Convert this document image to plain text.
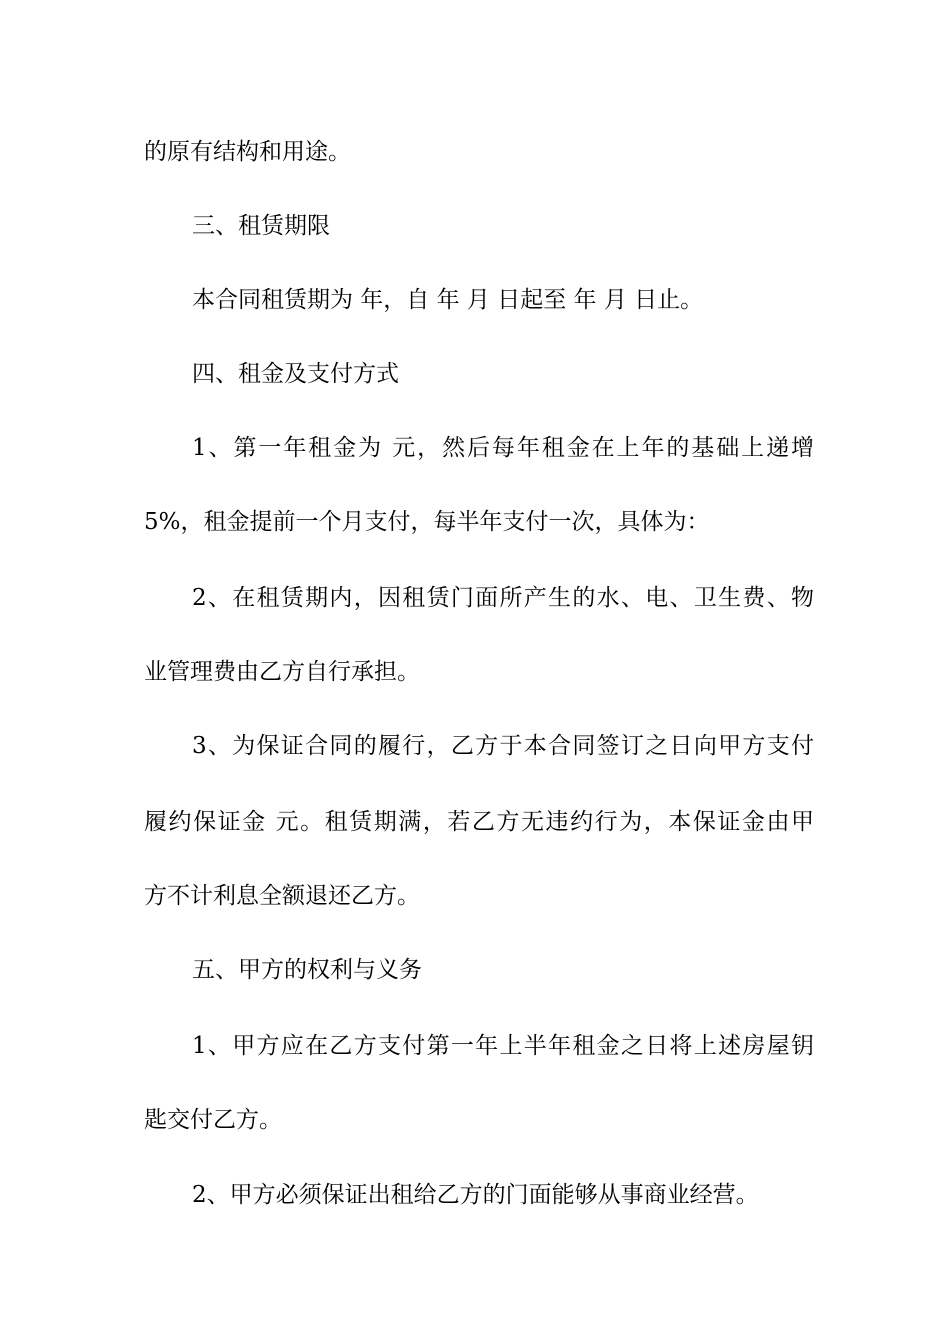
的原有结构和用途。
三、租赁期限
本合同租赁期为 年，自 年 月 日起至 年 月 日止。
四、租金及支付方式
1、第一年租金为 元，然后每年租金在上年的基础上递增
5%，租金提前一个月支付，每半年支付一次，具体为：
2、在租赁期内，因租赁门面所产生的水、电、卫生费、物
业管理费由乙方自行承担。
3、为保证合同的履行，乙方于本合同签订之日向甲方支付
履约保证金 元。租赁期满，若乙方无违约行为，本保证金由甲
方不计利息全额退还乙方。
五、甲方的权利与义务
1、甲方应在乙方支付第一年上半年租金之日将上述房屋钥
匙交付乙方。
2、甲方必须保证出租给乙方的门面能够从事商业经营。
